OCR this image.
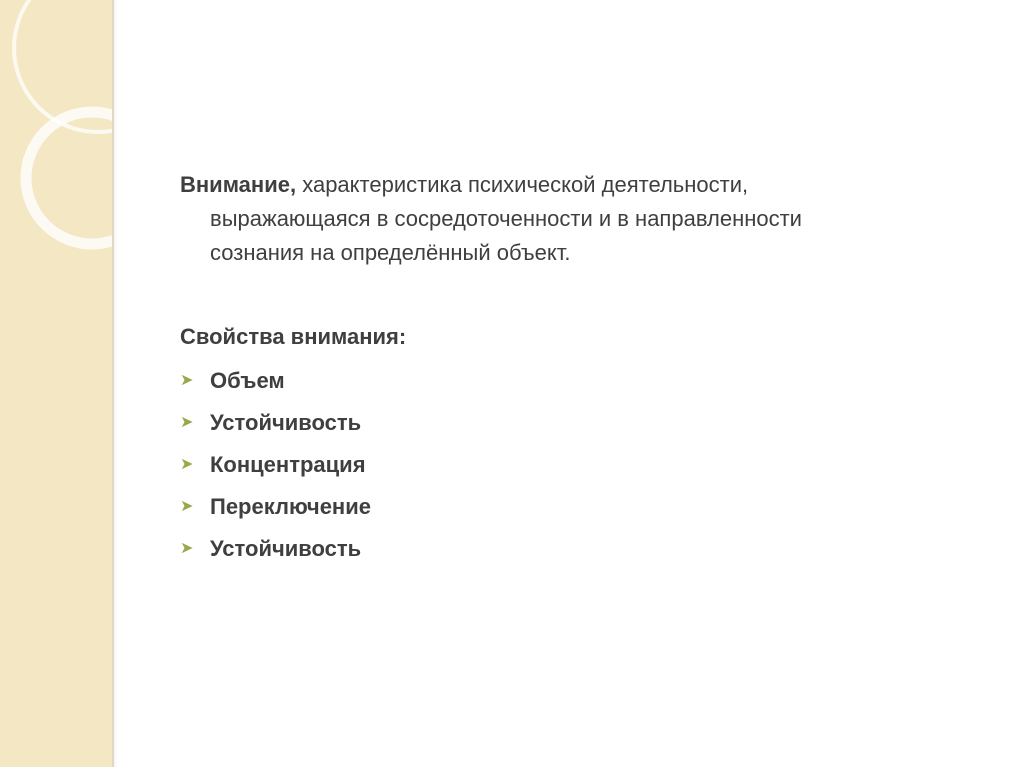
Внимание, характеристика психической деятельности,
выражающаяся в сосредоточенности и в направленности
сознания на определённый объект.

Свойства внимания:
➤ Объем
➤ Устойчивость
➤ Концентрация
➤ Переключение
➤ Устойчивость
